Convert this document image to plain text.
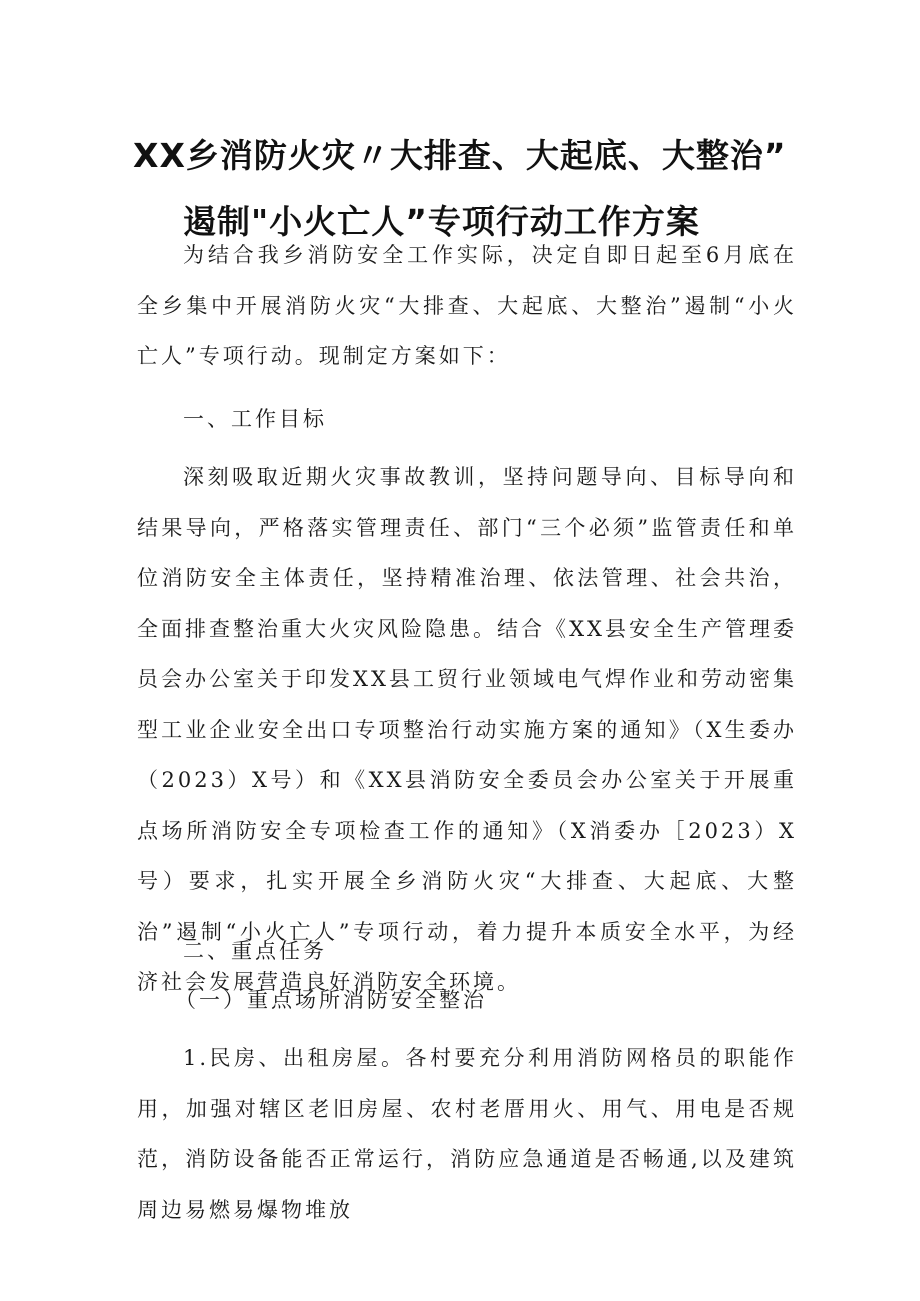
XX乡消防火灾〃大排查、大起底、大整治”
遏制"小火亡人”专项行动工作方案

为结合我乡消防安全工作实际，决定自即日起至6月底在全乡集中开展消防火灾“大排查、大起底、大整治”遏制“小火亡人”专项行动。现制定方案如下：

一、工作目标

深刻吸取近期火灾事故教训，坚持问题导向、目标导向和结果导向，严格落实管理责任、部门“三个必须”监管责任和单位消防安全主体责任，坚持精准治理、依法管理、社会共治，全面排查整治重大火灾风险隐患。结合《XX县安全生产管理委员会办公室关于印发XX县工贸行业领域电气焊作业和劳动密集型工业企业安全出口专项整治行动实施方案的通知》（X生委办（2023）X号）和《XX县消防安全委员会办公室关于开展重点场所消防安全专项检查工作的通知》（X消委办［2023）X号）要求，扎实开展全乡消防火灾“大排查、大起底、大整治”遏制“小火亡人”专项行动，着力提升本质安全水平，为经济社会发展营造良好消防安全环境。

二、重点任务

（一）重点场所消防安全整治

1.民房、出租房屋。各村要充分利用消防网格员的职能作用，加强对辖区老旧房屋、农村老厝用火、用气、用电是否规范，消防设备能否正常运行，消防应急通道是否畅通,以及建筑周边易燃易爆物堆放
